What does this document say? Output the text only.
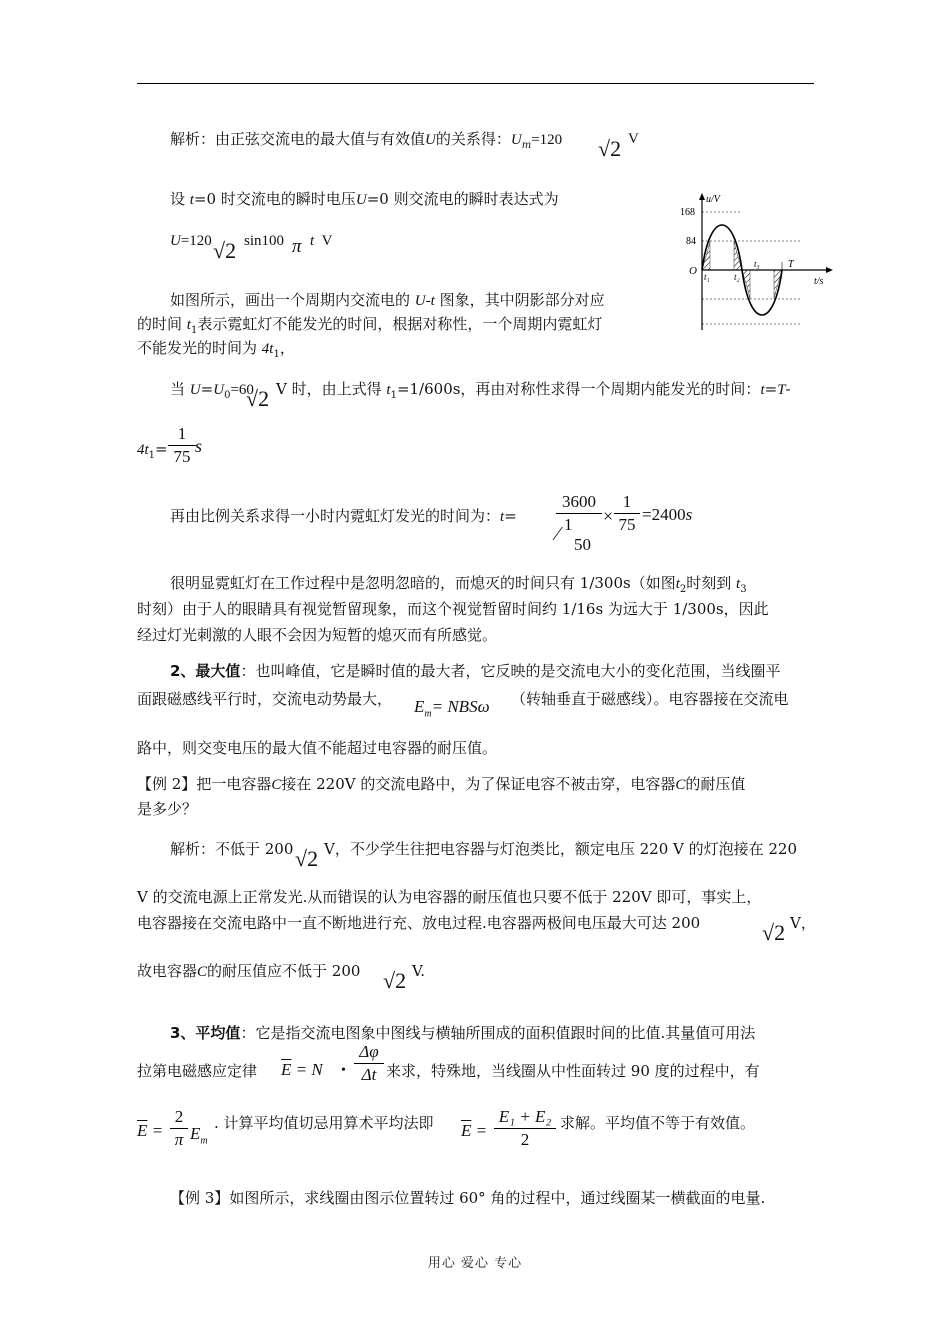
解析：由正弦交流电的最大值与有效值U的关系得：$U_m=120$ √2 V
设 t=0 时交流电的瞬时电压U=0 则交流电的瞬时表达式为
U=120 √2 sin100 π t V
u/V
t/s
168
84
O t₁	t₂
t₃	T
如图所示，画出一个周期内交流电的 U-t 图象，其中阴影部分对应
的时间 $t_1$表示霓虹灯不能发光的时间，根据对称性，一个周期内霓虹灯
不能发光的时间为 $4t_1$，
当 $U=U_0=60$
√2 V 时，由上式得 $t_1=1/600s$，再由对称性求得一个周期内能发光的时间：t=T-
$4t_1=$
1
75
s
再由比例关系求得一小时内霓虹灯发光的时间为：t=
3600
1
⁄ 50
×
1
75
=2400s
很明显霓虹灯在工作过程中是忽明忽暗的，而熄灭的时间只有 1/300s（如图$t_2$时刻到 $t_3$
时刻）由于人的眼睛具有视觉暂留现象，而这个视觉暂留时间约 1/16s 为远大于 1/300s，因此
经过灯光刺激的人眼不会因为短暂的熄灭而有所感觉。
2、最大值：也叫峰值，它是瞬时值的最大者，它反映的是交流电大小的变化范围，当线圈平
面跟磁感线平行时，交流电动势最大， $E_m= NBS\omega$ （转轴垂直于磁感线）。电容器接在交流电
路中，则交变电压的最大值不能超过电容器的耐压值。
【例 2】把一电容器C接在 220V 的交流电路中，为了保证电容不被击穿，电容器C的耐压值
是多少？
解析：不低于 200 √2 V，不少学生往把电容器与灯泡类比，额定电压 220 V 的灯泡接在 220
V 的交流电源上正常发光.从而错误的认为电容器的耐压值也只要不低于 220V 即可，事实上，
电容器接在交流电路中一直不断地进行充、放电过程.电容器两极间电压最大可达 200	√2 V，
故电容器C的耐压值应不低于 200 √2 V.
3、平均值：它是指交流电图象中图线与横轴所围成的面积值跟时间的比值.其量值可用法
拉第电磁感应定律 $\overline{E} = N$ •
Δφ
Δt 来求，特殊地，当线圈从中性面转过 90 度的过程中，有
$\overline{E}$ =
2
π $E_m$
. 计算平均值切忌用算术平均法即 $\overline{E}$ =
E₁ + E₂
2
求解。平均值不等于有效值。
【例 3】如图所示，求线圈由图示位置转过 60° 角的过程中，通过线圈某一横截面的电量.
用心 爱心 专心
